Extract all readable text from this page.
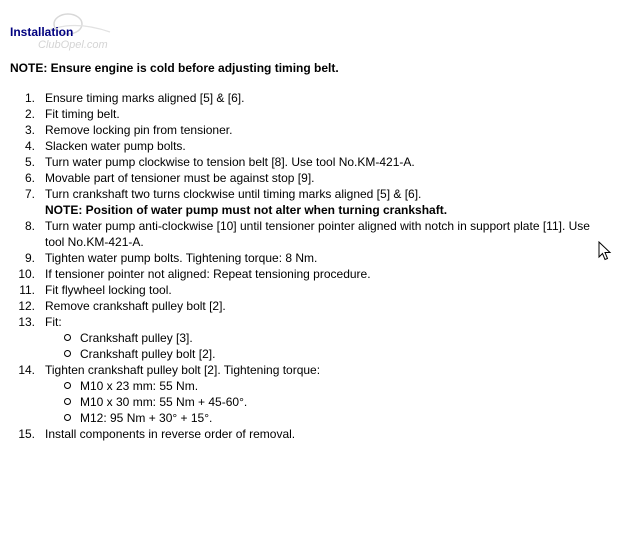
ClubOpel.com
Installation
NOTE: Ensure engine is cold before adjusting timing belt.
1. Ensure timing marks aligned [5] & [6].
2. Fit timing belt.
3. Remove locking pin from tensioner.
4. Slacken water pump bolts.
5. Turn water pump clockwise to tension belt [8]. Use tool No.KM-421-A.
6. Movable part of tensioner must be against stop [9].
7. Turn crankshaft two turns clockwise until timing marks aligned [5] & [6].
NOTE: Position of water pump must not alter when turning crankshaft.
8. Turn water pump anti-clockwise [10] until tensioner pointer aligned with notch in support plate [11]. Use tool No.KM-421-A.
9. Tighten water pump bolts. Tightening torque: 8 Nm.
10. If tensioner pointer not aligned: Repeat tensioning procedure.
11. Fit flywheel locking tool.
12. Remove crankshaft pulley bolt [2].
13. Fit:
Crankshaft pulley [3].
Crankshaft pulley bolt [2].
14. Tighten crankshaft pulley bolt [2]. Tightening torque:
M10 x 23 mm: 55 Nm.
M10 x 30 mm: 55 Nm + 45-60°.
M12: 95 Nm + 30° + 15°.
15. Install components in reverse order of removal.
